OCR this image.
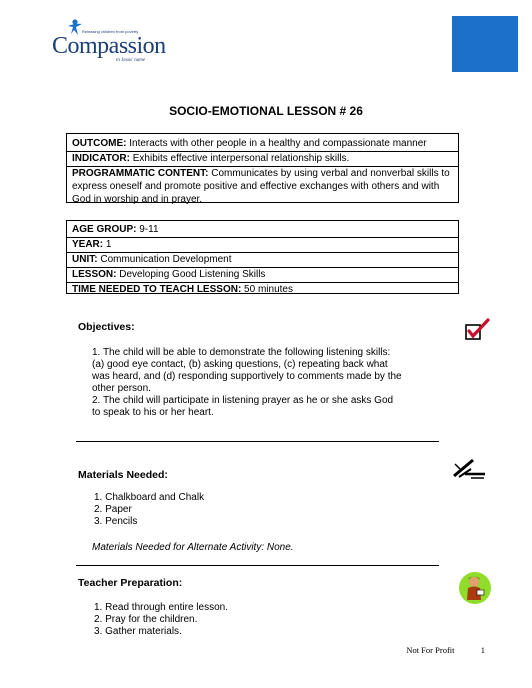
Releasing children from poverty
Compassion
in Jesus' name
SOCIO-EMOTIONAL LESSON # 26

OUTCOME: Interacts with other people in a healthy and compassionate manner

INDICATOR: Exhibits effective interpersonal relationship skills.

PROGRAMMATIC CONTENT: Communicates by using verbal and nonverbal skills to express oneself and promote positive and effective exchanges with others and with God in worship and in prayer.

AGE GROUP: 9-11

YEAR: 1

UNIT: Communication Development

LESSON: Developing Good Listening Skills

TIME NEEDED TO TEACH LESSON: 50 minutes

Objectives:
1. The child will be able to demonstrate the following listening skills: (a) good eye contact, (b) asking questions, (c) repeating back what was heard, and (d) responding supportively to comments made by the other person.
2. The child will participate in listening prayer as he or she asks God to speak to his or her heart.
Materials Needed:
1. Chalkboard and Chalk
2. Paper
3. Pencils
Materials Needed for Alternate Activity: None.
Teacher Preparation:
1. Read through entire lesson.
2. Pray for the children.
3. Gather materials.
Not For Profit	1
